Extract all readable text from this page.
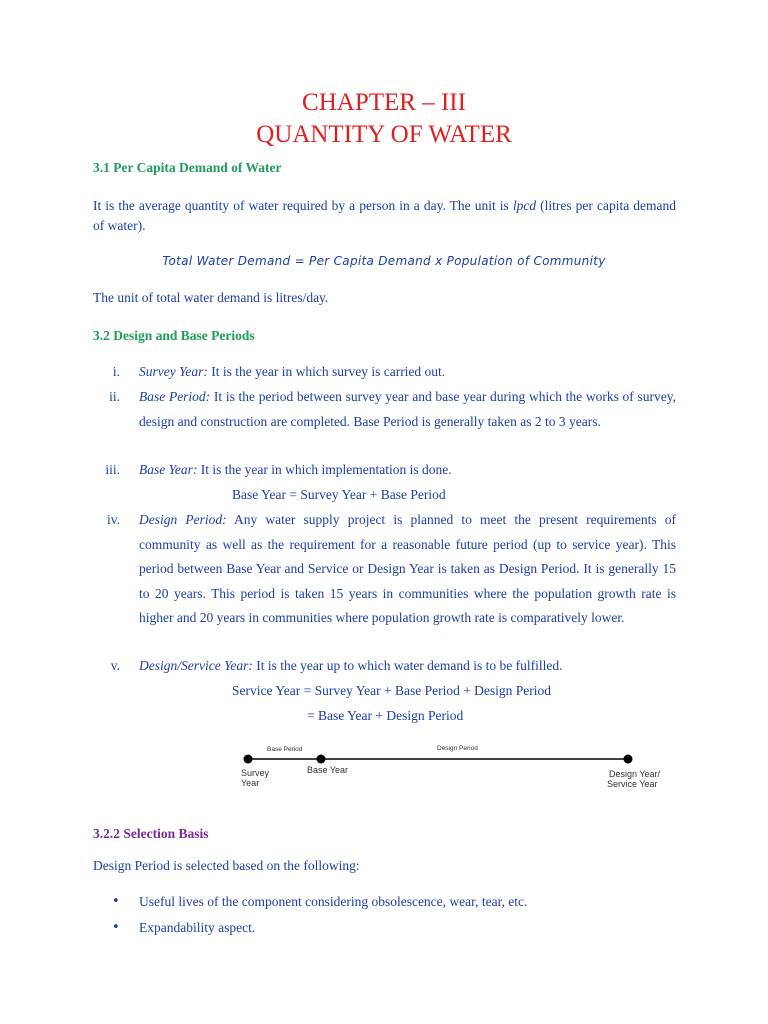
CHAPTER – III
QUANTITY OF WATER
3.1 Per Capita Demand of Water
It is the average quantity of water required by a person in a day. The unit is lpcd (litres per capita demand of water).
Total Water Demand = Per Capita Demand x Population of Community
The unit of total water demand is litres/day.
3.2 Design and Base Periods
i. Survey Year: It is the year in which survey is carried out.
ii. Base Period: It is the period between survey year and base year during which the works of survey, design and construction are completed. Base Period is generally taken as 2 to 3 years.
iii. Base Year: It is the year in which implementation is done.
Base Year = Survey Year + Base Period
iv. Design Period: Any water supply project is planned to meet the present requirements of community as well as the requirement for a reasonable future period (up to service year). This period between Base Year and Service or Design Year is taken as Design Period. It is generally 15 to 20 years. This period is taken 15 years in communities where the population growth rate is higher and 20 years in communities where population growth rate is comparatively lower.
v. Design/Service Year: It is the year up to which water demand is to be fulfilled.
Service Year = Survey Year + Base Period + Design Period
= Base Year + Design Period
Base Period	Design Period
Survey
Year
Base Year	Design Year/
Service Year
3.2.2 Selection Basis
Design Period is selected based on the following:
• Useful lives of the component considering obsolescence, wear, tear, etc.
• Expandability aspect.
